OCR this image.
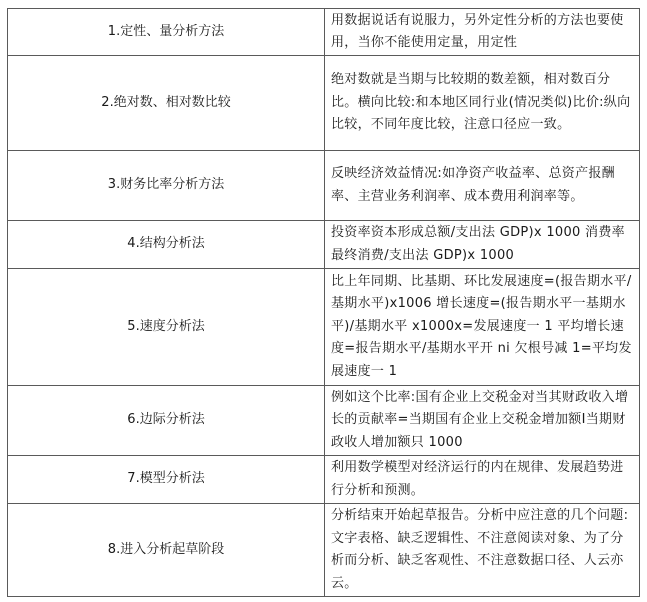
1.定性、量分析方法	用数据说话有说服力，另外定性分析的方法也要使用，当你不能使用定量，用定性
2.绝对数、相对数比较	绝对数就是当期与比较期的数差额，相对数百分比。横向比较:和本地区同行业(情况类似)比价:纵向比较，不同年度比较，注意口径应一致。
3.财务比率分析方法	反映经济效益情况:如净资产收益率、总资产报酬率、主营业务利润率、成本费用利润率等。
4.结构分析法	投资率资本形成总额/支出法 GDP)x 1000 消费率最终消费/支出法 GDP)x 1000
5.速度分析法	比上年同期、比基期、环比发展速度=(报告期水平/基期水平)x1006 增长速度=(报告期水平一基期水平)/基期水平 x1000x=发展速度一 1 平均增长速度=报告期水平/基期水平开 ni 欠根号减 1=平均发展速度一 1
6.边际分析法	例如这个比率:国有企业上交税金对当其财政收入增长的贡献率=当期国有企业上交税金增加额Ⅰ当期财政收人增加额只 1000
7.模型分析法	利用数学模型对经济运行的内在规律、发展趋势进行分析和预测。
8.进入分析起草阶段	分析结束开始起草报告。分析中应注意的几个问题:文字表格、缺乏逻辑性、不注意阅读对象、为了分析而分析、缺乏客观性、不注意数据口径、人云亦云。
